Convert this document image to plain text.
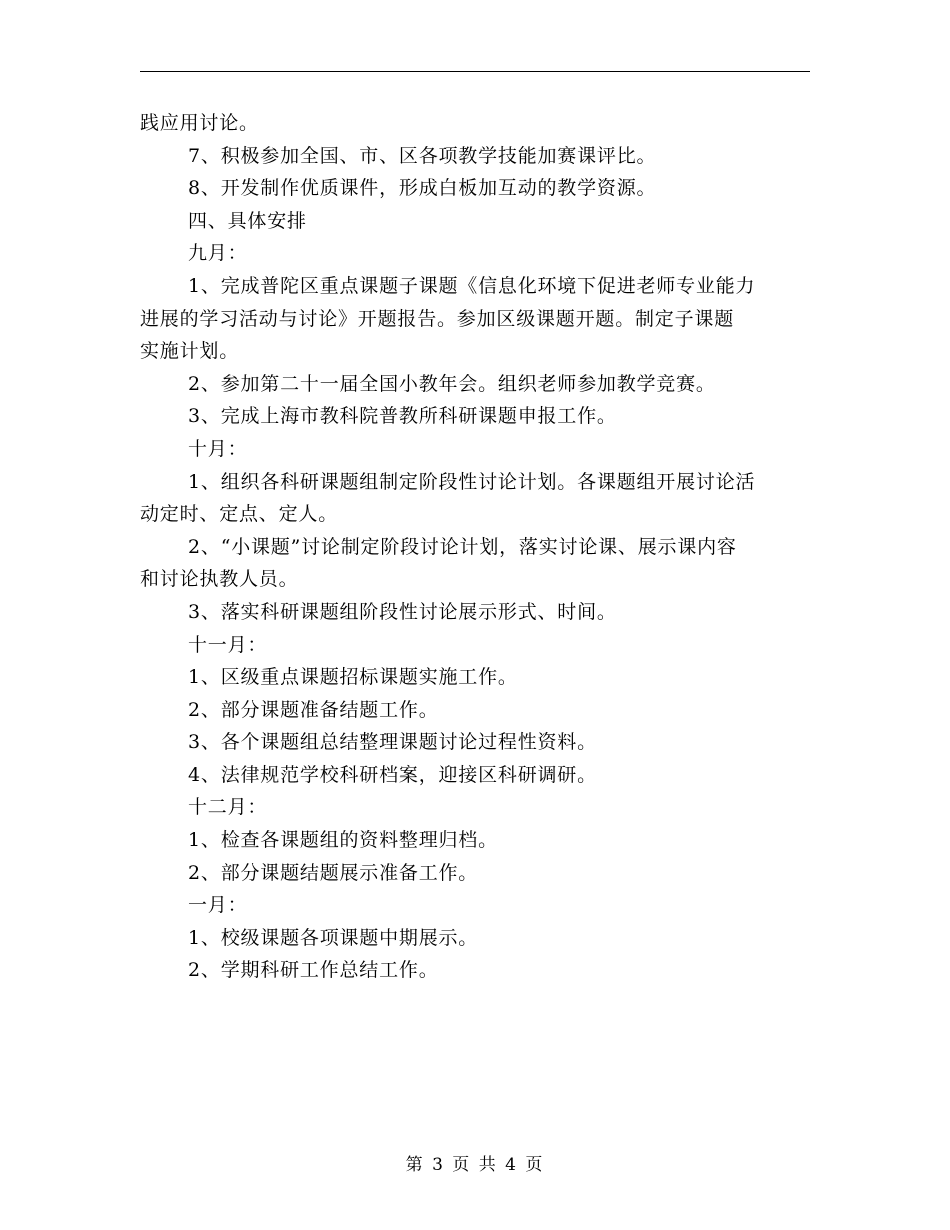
践应用讨论。
7、积极参加全国、市、区各项教学技能加赛课评比。
8、开发制作优质课件，形成白板加互动的教学资源。
四、具体安排
九月：
1、完成普陀区重点课题子课题《信息化环境下促进老师专业能力
进展的学习活动与讨论》开题报告。参加区级课题开题。制定子课题
实施计划。
2、参加第二十一届全国小教年会。组织老师参加教学竞赛。
3、完成上海市教科院普教所科研课题申报工作。
十月：
1、组织各科研课题组制定阶段性讨论计划。各课题组开展讨论活
动定时、定点、定人。
2、“小课题”讨论制定阶段讨论计划，落实讨论课、展示课内容
和讨论执教人员。
3、落实科研课题组阶段性讨论展示形式、时间。
十一月：
1、区级重点课题招标课题实施工作。
2、部分课题准备结题工作。
3、各个课题组总结整理课题讨论过程性资料。
4、法律规范学校科研档案，迎接区科研调研。
十二月：
1、检查各课题组的资料整理归档。
2、部分课题结题展示准备工作。
一月：
1、校级课题各项课题中期展示。
2、学期科研工作总结工作。
第 3 页 共 4 页
